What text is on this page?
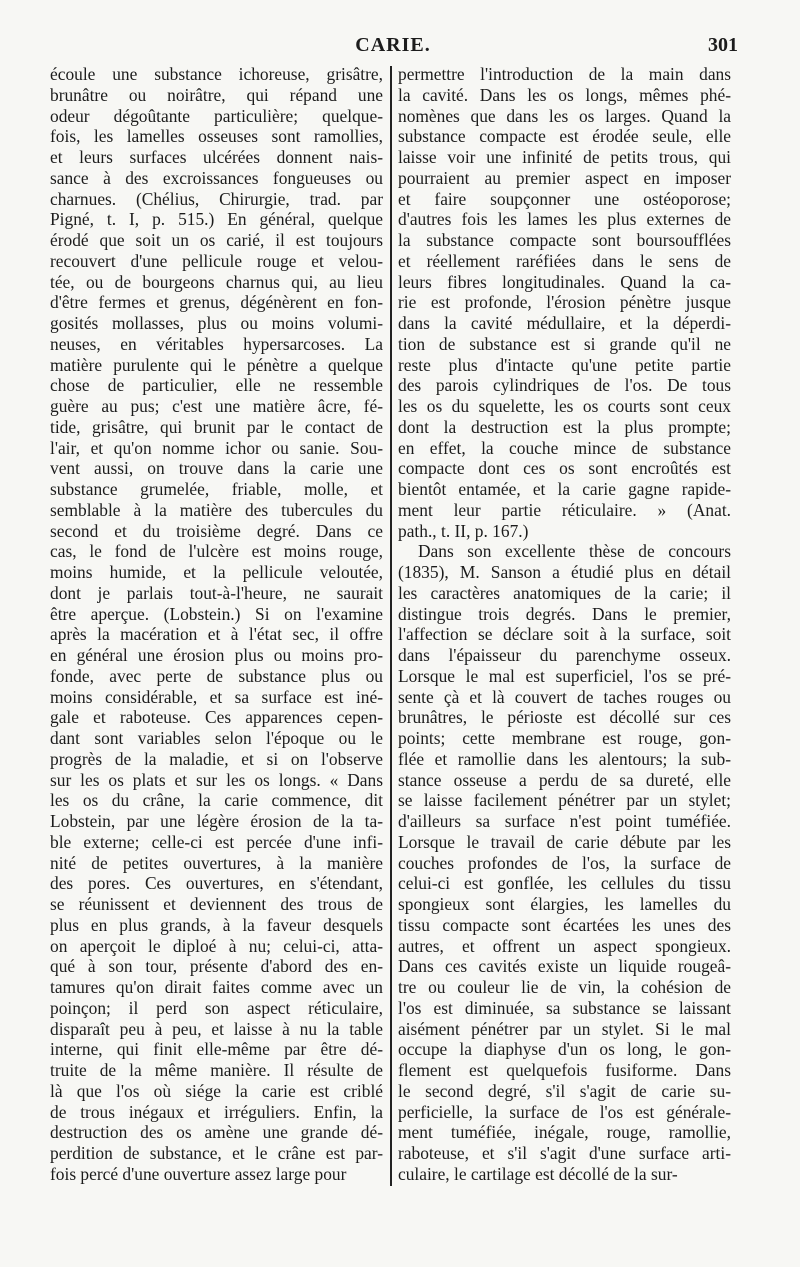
CARIE.	301
écoule une substance ichoreuse, grisâtre,
brunâtre ou noirâtre, qui répand une
odeur dégoûtante particulière; quelque-
fois, les lamelles osseuses sont ramollies,
et leurs surfaces ulcérées donnent nais-
sance à des excroissances fongueuses ou
charnues. (Chélius, Chirurgie, trad. par
Pigné, t. I, p. 515.) En général, quelque
érodé que soit un os carié, il est toujours
recouvert d'une pellicule rouge et velou-
tée, ou de bourgeons charnus qui, au lieu
d'être fermes et grenus, dégénèrent en fon-
gosités mollasses, plus ou moins volumi-
neuses, en véritables hypersarcoses. La
matière purulente qui le pénètre a quelque
chose de particulier, elle ne ressemble
guère au pus; c'est une matière âcre, fé-
tide, grisâtre, qui brunit par le contact de
l'air, et qu'on nomme ichor ou sanie. Sou-
vent aussi, on trouve dans la carie une
substance grumelée, friable, molle, et
semblable à la matière des tubercules du
second et du troisième degré. Dans ce
cas, le fond de l'ulcère est moins rouge,
moins humide, et la pellicule veloutée,
dont je parlais tout-à-l'heure, ne saurait
être aperçue. (Lobstein.) Si on l'examine
après la macération et à l'état sec, il offre
en général une érosion plus ou moins pro-
fonde, avec perte de substance plus ou
moins considérable, et sa surface est iné-
gale et raboteuse. Ces apparences cepen-
dant sont variables selon l'époque ou le
progrès de la maladie, et si on l'observe
sur les os plats et sur les os longs. « Dans
les os du crâne, la carie commence, dit
Lobstein, par une légère érosion de la ta-
ble externe; celle-ci est percée d'une infi-
nité de petites ouvertures, à la manière
des pores. Ces ouvertures, en s'étendant,
se réunissent et deviennent des trous de
plus en plus grands, à la faveur desquels
on aperçoit le diploé à nu; celui-ci, atta-
qué à son tour, présente d'abord des en-
tamures qu'on dirait faites comme avec un
poinçon; il perd son aspect réticulaire,
disparaît peu à peu, et laisse à nu la table
interne, qui finit elle-même par être dé-
truite de la même manière. Il résulte de
là que l'os où siége la carie est criblé
de trous inégaux et irréguliers. Enfin, la
destruction des os amène une grande dé-
perdition de substance, et le crâne est par-
fois percé d'une ouverture assez large pour
permettre l'introduction de la main dans
la cavité. Dans les os longs, mêmes phé-
nomènes que dans les os larges. Quand la
substance compacte est érodée seule, elle
laisse voir une infinité de petits trous, qui
pourraient au premier aspect en imposer
et faire soupçonner une ostéoporose;
d'autres fois les lames les plus externes de
la substance compacte sont boursoufflées
et réellement raréfiées dans le sens de
leurs fibres longitudinales. Quand la ca-
rie est profonde, l'érosion pénètre jusque
dans la cavité médullaire, et la déperdi-
tion de substance est si grande qu'il ne
reste plus d'intacte qu'une petite partie
des parois cylindriques de l'os. De tous
les os du squelette, les os courts sont ceux
dont la destruction est la plus prompte;
en effet, la couche mince de substance
compacte dont ces os sont encroûtés est
bientôt entamée, et la carie gagne rapide-
ment leur partie réticulaire. » (Anat.
path., t. II, p. 167.)
Dans son excellente thèse de concours
(1835), M. Sanson a étudié plus en détail
les caractères anatomiques de la carie; il
distingue trois degrés. Dans le premier,
l'affection se déclare soit à la surface, soit
dans l'épaisseur du parenchyme osseux.
Lorsque le mal est superficiel, l'os se pré-
sente çà et là couvert de taches rouges ou
brunâtres, le périoste est décollé sur ces
points; cette membrane est rouge, gon-
flée et ramollie dans les alentours; la sub-
stance osseuse a perdu de sa dureté, elle
se laisse facilement pénétrer par un stylet;
d'ailleurs sa surface n'est point tuméfiée.
Lorsque le travail de carie débute par les
couches profondes de l'os, la surface de
celui-ci est gonflée, les cellules du tissu
spongieux sont élargies, les lamelles du
tissu compacte sont écartées les unes des
autres, et offrent un aspect spongieux.
Dans ces cavités existe un liquide rougeâ-
tre ou couleur lie de vin, la cohésion de
l'os est diminuée, sa substance se laissant
aisément pénétrer par un stylet. Si le mal
occupe la diaphyse d'un os long, le gon-
flement est quelquefois fusiforme. Dans
le second degré, s'il s'agit de carie su-
perficielle, la surface de l'os est générale-
ment tuméfiée, inégale, rouge, ramollie,
raboteuse, et s'il s'agit d'une surface arti-
culaire, le cartilage est décollé de la sur-
